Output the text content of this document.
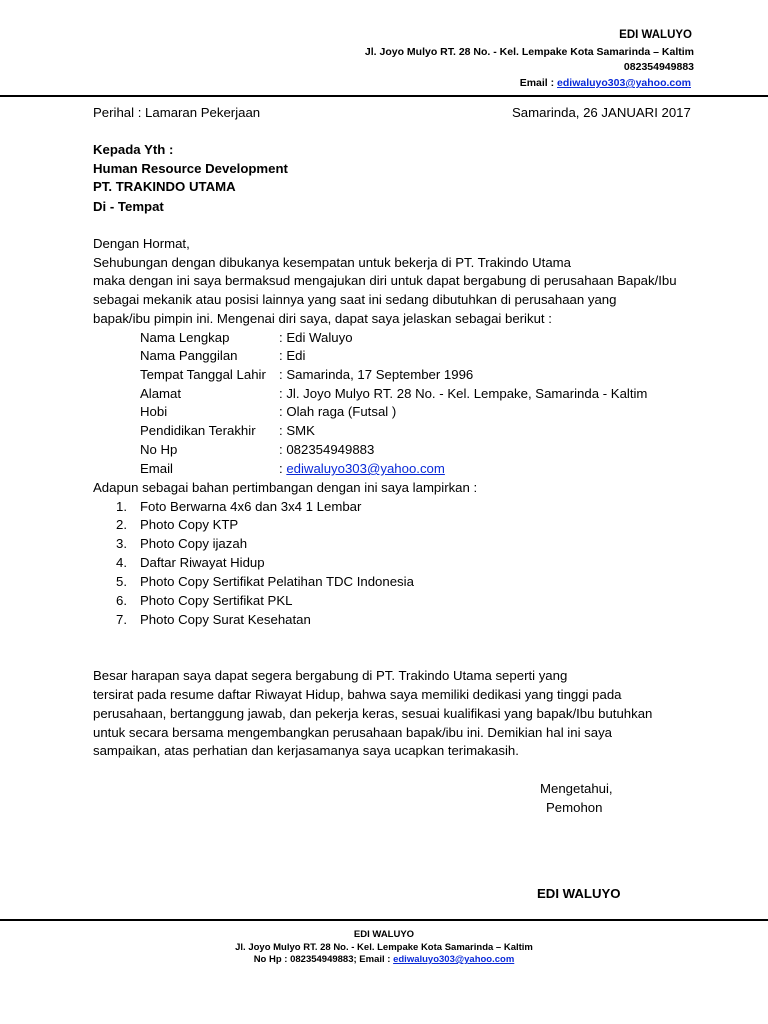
EDI WALUYO
Jl. Joyo Mulyo RT. 28 No. - Kel. Lempake Kota Samarinda – Kaltim
082354949883
Email : ediwaluyo303@yahoo.com
Perihal : Lamaran Pekerjaan	Samarinda, 26 JANUARI 2017
Kepada Yth :
Human Resource Development
PT. TRAKINDO UTAMA
Di - Tempat
Dengan Hormat,
Sehubungan dengan dibukanya kesempatan untuk bekerja di PT. Trakindo Utama
maka dengan ini saya bermaksud mengajukan diri untuk dapat bergabung di perusahaan Bapak/Ibu
sebagai mekanik atau posisi lainnya yang saat ini sedang dibutuhkan di perusahaan yang
bapak/ibu pimpin ini. Mengenai diri saya, dapat saya jelaskan sebagai berikut :
Nama Lengkap	: Edi Waluyo
Nama Panggilan	: Edi
Tempat Tanggal Lahir : Samarinda, 17 September 1996
Alamat	: Jl. Joyo Mulyo RT. 28 No. - Kel. Lempake, Samarinda - Kaltim
Hobi	: Olah raga (Futsal )
Pendidikan Terakhir : SMK
No Hp	: 082354949883
Email	: ediwaluyo303@yahoo.com
Adapun sebagai bahan pertimbangan dengan ini saya lampirkan :
1. Foto Berwarna 4x6 dan 3x4 1 Lembar
2. Photo Copy KTP
3. Photo Copy ijazah
4. Daftar Riwayat Hidup
5. Photo Copy Sertifikat Pelatihan TDC Indonesia
6. Photo Copy Sertifikat PKL
7. Photo Copy Surat Kesehatan
Besar harapan saya dapat segera bergabung di PT. Trakindo Utama seperti yang
tersirat pada resume daftar Riwayat Hidup, bahwa saya memiliki dedikasi yang tinggi pada
perusahaan, bertanggung jawab, dan pekerja keras, sesuai kualifikasi yang bapak/Ibu butuhkan
untuk secara bersama mengembangkan perusahaan bapak/ibu ini. Demikian hal ini saya
sampaikan, atas perhatian dan kerjasamanya saya ucapkan terimakasih.
Mengetahui,
Pemohon
EDI WALUYO
EDI WALUYO
Jl. Joyo Mulyo RT. 28 No. - Kel. Lempake Kota Samarinda – Kaltim
No Hp : 082354949883; Email : ediwaluyo303@yahoo.com
